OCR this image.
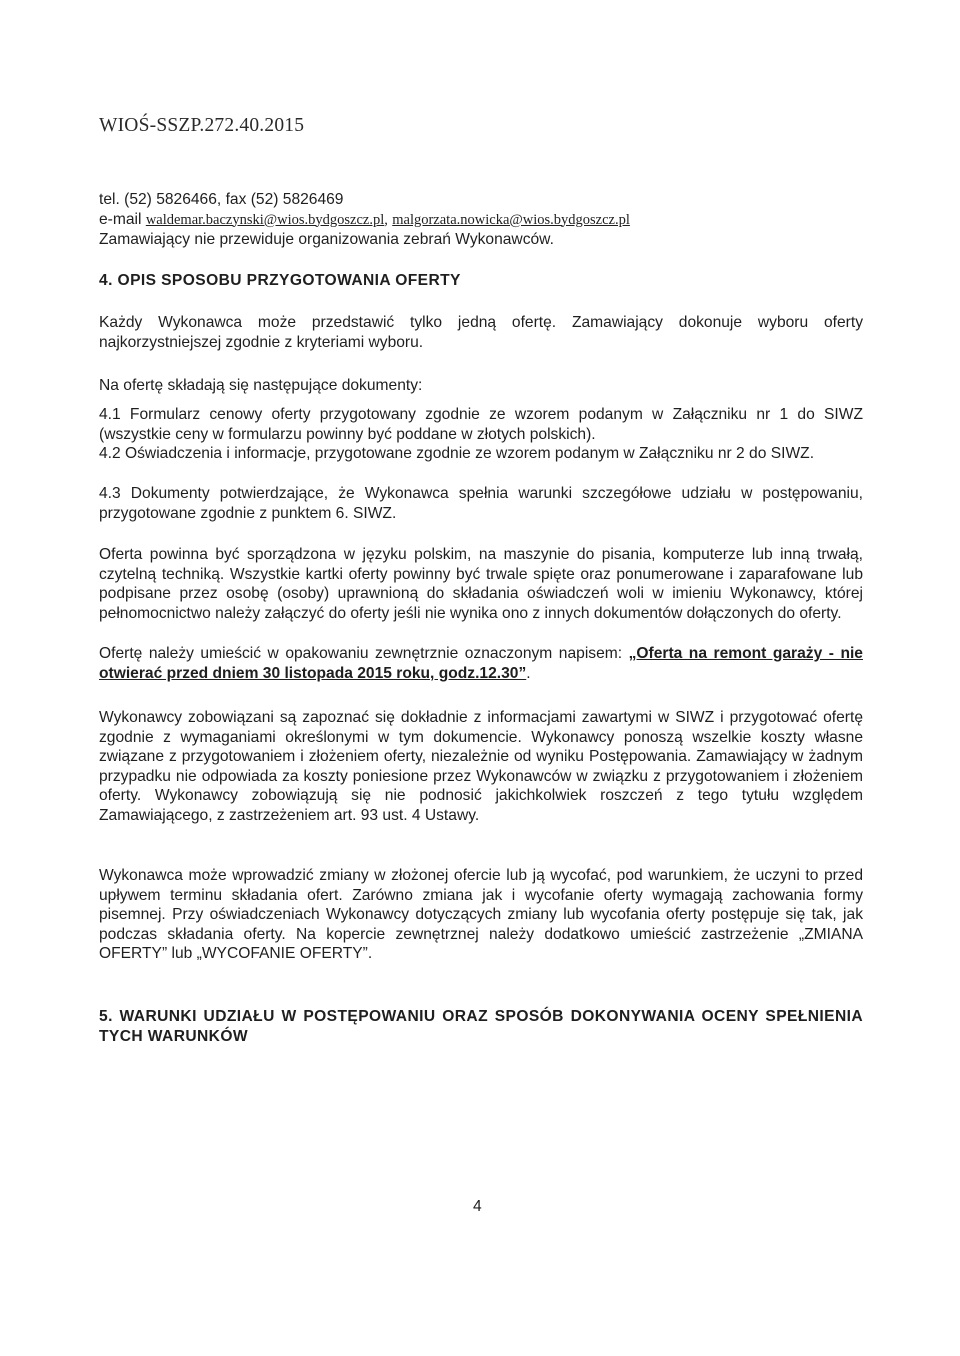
WIOŚ-SSZP.272.40.2015
tel. (52) 5826466, fax (52) 5826469
e-mail waldemar.baczynski@wios.bydgoszcz.pl, malgorzata.nowicka@wios.bydgoszcz.pl
Zamawiający nie przewiduje organizowania zebrań Wykonawców.
4. OPIS SPOSOBU PRZYGOTOWANIA OFERTY
Każdy Wykonawca może przedstawić tylko jedną ofertę. Zamawiający dokonuje wyboru oferty najkorzystniejszej zgodnie z kryteriami wyboru.
Na ofertę składają się następujące dokumenty:
4.1 Formularz cenowy oferty przygotowany zgodnie ze wzorem podanym w Załączniku nr 1 do SIWZ (wszystkie ceny w formularzu powinny być poddane w złotych polskich).
4.2 Oświadczenia i informacje, przygotowane zgodnie ze wzorem podanym w Załączniku nr 2 do SIWZ.
4.3 Dokumenty potwierdzające, że Wykonawca spełnia warunki szczegółowe udziału w postępowaniu, przygotowane zgodnie z punktem 6. SIWZ.
Oferta powinna być sporządzona w języku polskim, na maszynie do pisania, komputerze lub inną trwałą, czytelną techniką. Wszystkie kartki oferty powinny być trwale spięte oraz ponumerowane i zaparafowane lub podpisane przez osobę (osoby) uprawnioną do składania oświadczeń woli w imieniu Wykonawcy, której pełnomocnictwo należy załączyć do oferty jeśli nie wynika ono z innych dokumentów dołączonych do oferty.
Ofertę należy umieścić w opakowaniu zewnętrznie oznaczonym napisem: „Oferta na remont garaży - nie otwierać przed dniem 30 listopada 2015 roku, godz.12.30”.
Wykonawcy zobowiązani są zapoznać się dokładnie z informacjami zawartymi w SIWZ i przygotować ofertę zgodnie z wymaganiami określonymi w tym dokumencie. Wykonawcy ponoszą wszelkie koszty własne związane z przygotowaniem i złożeniem oferty, niezależnie od wyniku Postępowania. Zamawiający w żadnym przypadku nie odpowiada za koszty poniesione przez Wykonawców w związku z przygotowaniem i złożeniem oferty. Wykonawcy zobowiązują się nie podnosić jakichkolwiek roszczeń z tego tytułu względem Zamawiającego, z zastrzeżeniem art. 93 ust. 4 Ustawy.
Wykonawca może wprowadzić zmiany w złożonej ofercie lub ją wycofać, pod warunkiem, że uczyni to przed upływem terminu składania ofert. Zarówno zmiana jak i wycofanie oferty wymagają zachowania formy pisemnej. Przy oświadczeniach Wykonawcy dotyczących zmiany lub wycofania oferty postępuje się tak, jak podczas składania oferty. Na kopercie zewnętrznej należy dodatkowo umieścić zastrzeżenie „ZMIANA OFERTY” lub „WYCOFANIE OFERTY”.
5. WARUNKI UDZIAŁU W POSTĘPOWANIU ORAZ SPOSÓB DOKONYWANIA OCENY SPEŁNIENIA TYCH WARUNKÓW
4
